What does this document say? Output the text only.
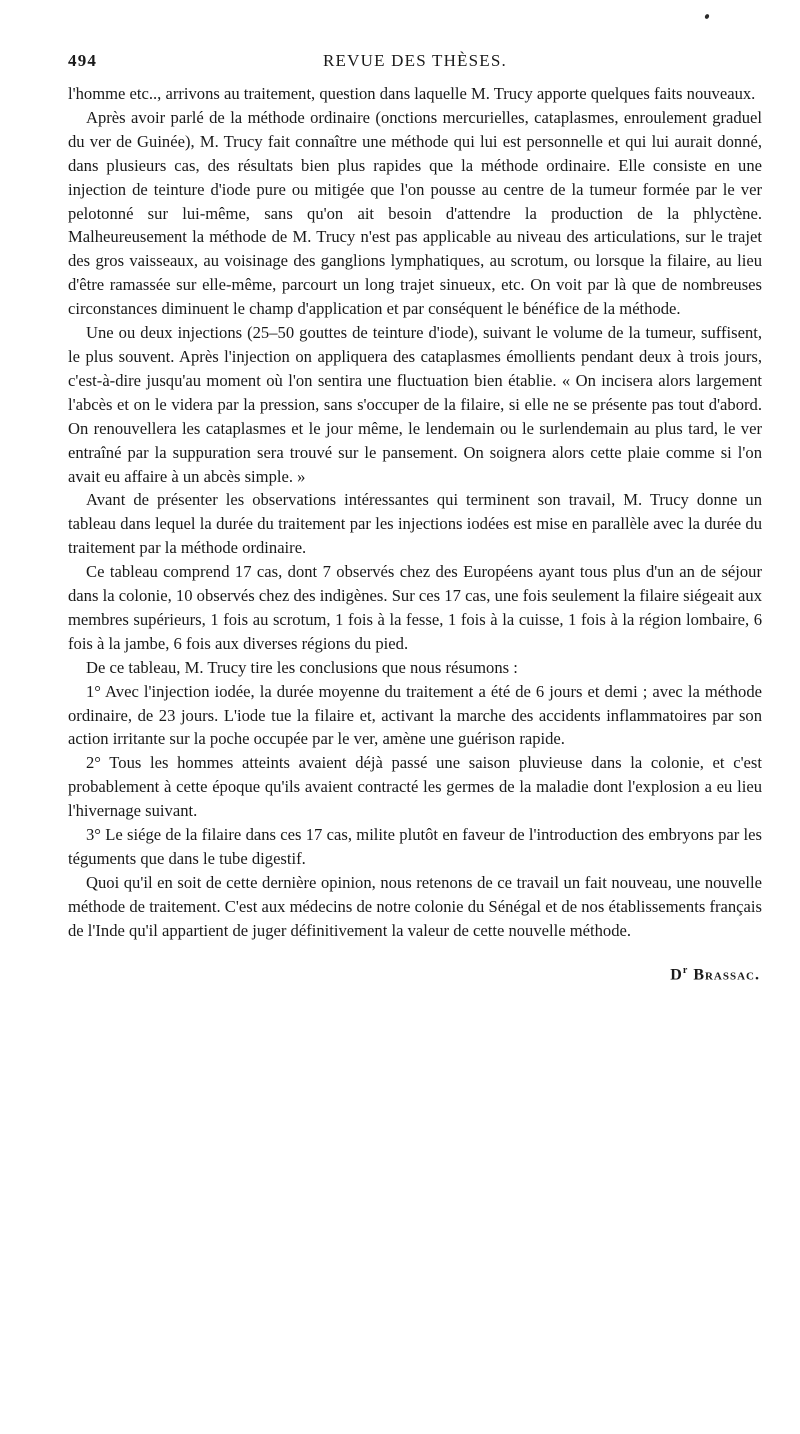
494	REVUE DES THÈSES.

l'homme etc.., arrivons au traitement, question dans laquelle M. Trucy apporte quelques faits nouveaux.

Après avoir parlé de la méthode ordinaire (onctions mercurielles, cataplasmes, enroulement graduel du ver de Guinée), M. Trucy fait connaître une méthode qui lui est personnelle et qui lui aurait donné, dans plusieurs cas, des résultats bien plus rapides que la méthode ordinaire. Elle consiste en une injection de teinture d'iode pure ou mitigée que l'on pousse au centre de la tumeur formée par le ver pelotonné sur lui-même, sans qu'on ait besoin d'attendre la production de la phlyctène. Malheureusement la méthode de M. Trucy n'est pas applicable au niveau des articulations, sur le trajet des gros vaisseaux, au voisinage des ganglions lymphatiques, au scrotum, ou lorsque la filaire, au lieu d'être ramassée sur elle-même, parcourt un long trajet sinueux, etc. On voit par là que de nombreuses circonstances diminuent le champ d'application et par conséquent le bénéfice de la méthode.

Une ou deux injections (25–50 gouttes de teinture d'iode), suivant le volume de la tumeur, suffisent, le plus souvent. Après l'injection on appliquera des cataplasmes émollients pendant deux à trois jours, c'est-à-dire jusqu'au moment où l'on sentira une fluctuation bien établie. « On incisera alors largement l'abcès et on le videra par la pression, sans s'occuper de la filaire, si elle ne se présente pas tout d'abord. On renouvellera les cataplasmes et le jour même, le lendemain ou le surlendemain au plus tard, le ver entraîné par la suppuration sera trouvé sur le pansement. On soignera alors cette plaie comme si l'on avait eu affaire à un abcès simple. »

Avant de présenter les observations intéressantes qui terminent son travail, M. Trucy donne un tableau dans lequel la durée du traitement par les injections iodées est mise en parallèle avec la durée du traitement par la méthode ordinaire.

Ce tableau comprend 17 cas, dont 7 observés chez des Européens ayant tous plus d'un an de séjour dans la colonie, 10 observés chez des indigènes. Sur ces 17 cas, une fois seulement la filaire siégeait aux membres supérieurs, 1 fois au scrotum, 1 fois à la fesse, 1 fois à la cuisse, 1 fois à la région lombaire, 6 fois à la jambe, 6 fois aux diverses régions du pied.

De ce tableau, M. Trucy tire les conclusions que nous résumons :

1° Avec l'injection iodée, la durée moyenne du traitement a été de 6 jours et demi ; avec la méthode ordinaire, de 23 jours. L'iode tue la filaire et, activant la marche des accidents inflammatoires par son action irritante sur la poche occupée par le ver, amène une guérison rapide.

2° Tous les hommes atteints avaient déjà passé une saison pluvieuse dans la colonie, et c'est probablement à cette époque qu'ils avaient contracté les germes de la maladie dont l'explosion a eu lieu l'hivernage suivant.

3° Le siége de la filaire dans ces 17 cas, milite plutôt en faveur de l'introduction des embryons par les téguments que dans le tube digestif.

Quoi qu'il en soit de cette dernière opinion, nous retenons de ce travail un fait nouveau, une nouvelle méthode de traitement. C'est aux médecins de notre colonie du Sénégal et de nos établissements français de l'Inde qu'il appartient de juger définitivement la valeur de cette nouvelle méthode.

$D^r$ Brassac.
